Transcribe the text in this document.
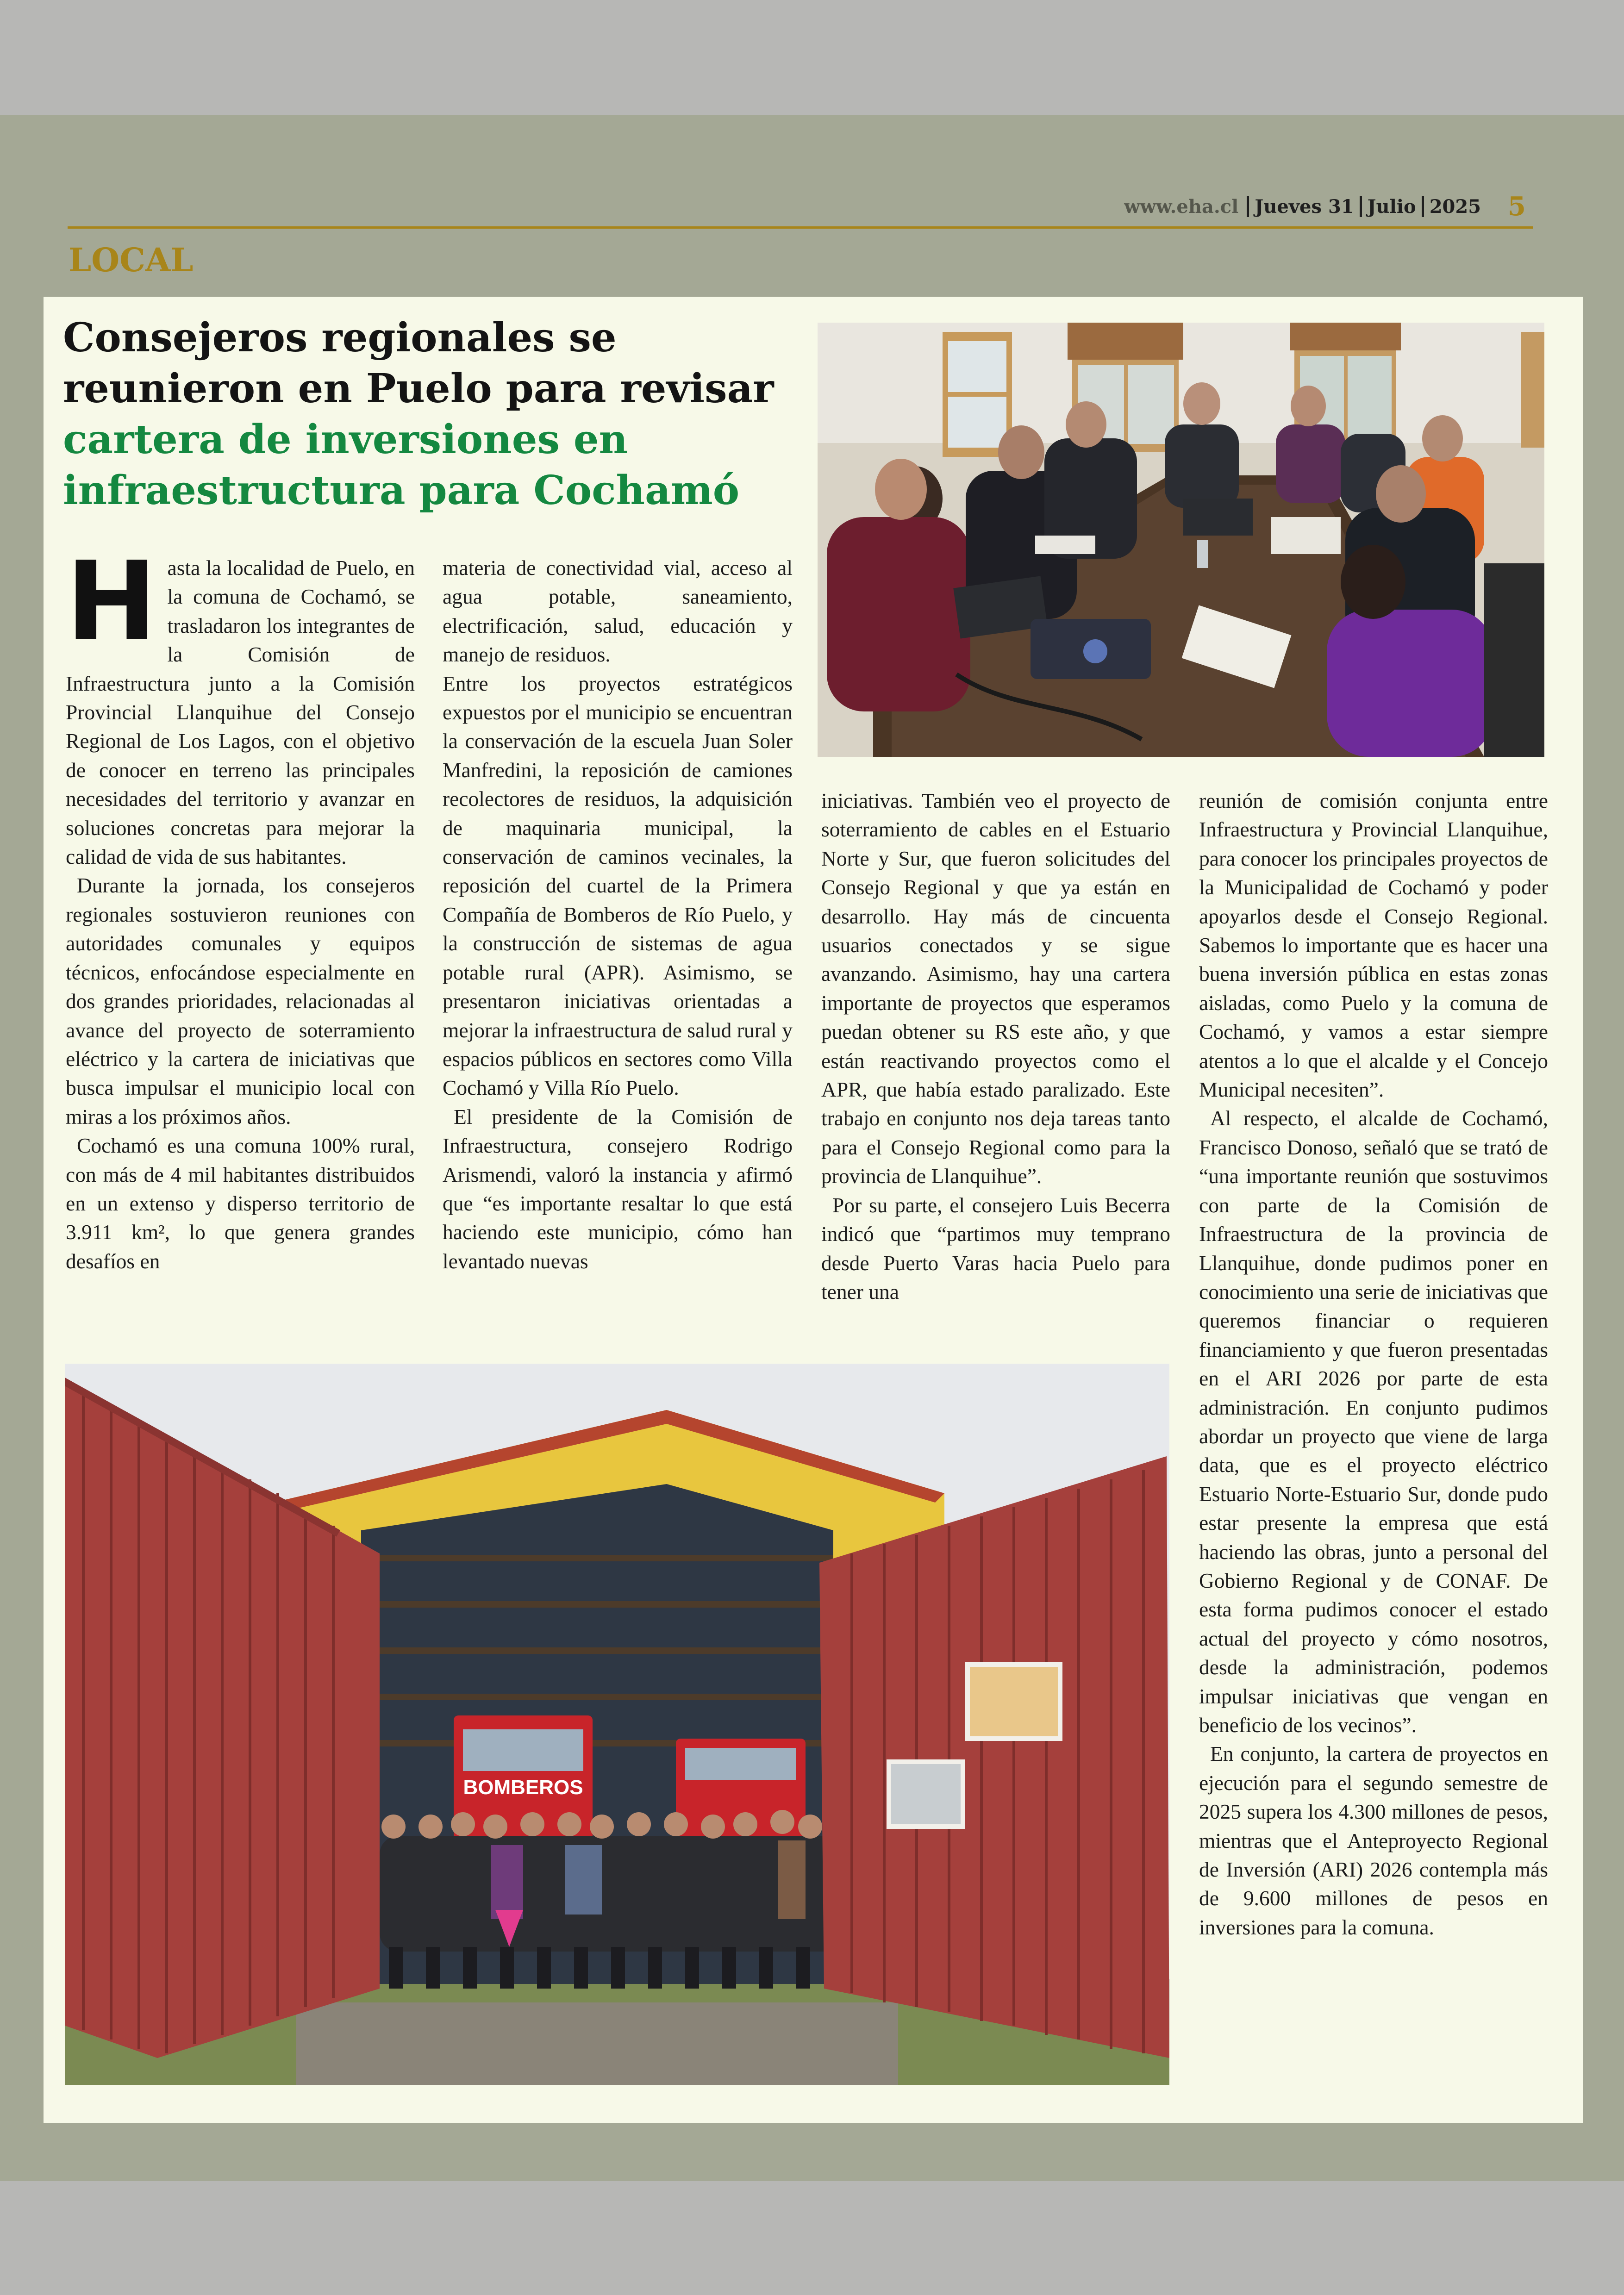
www.eha.cl Jueves 31 Julio 2025 5
LOCAL
Consejeros regionales se reunieron en Puelo para revisar
cartera de inversiones en infraestructura para Cochamó
BOMBEROS

Hasta la localidad de Puelo, en la comuna de Cochamó, se trasladaron los integrantes de la Comisión de Infraestructura junto a la Comisión Provincial Llanquihue del Consejo Regional de Los Lagos, con el objetivo de conocer en terreno las principales necesidades del territorio y avanzar en soluciones concretas para mejorar la calidad de vida de sus habitantes.

Durante la jornada, los consejeros regionales sostuvieron reuniones con autoridades comunales y equipos técnicos, enfocándose especialmente en dos grandes prioridades, relacionadas al avance del proyecto de soterramiento eléctrico y la cartera de iniciativas que busca impulsar el municipio local con miras a los próximos años.

Cochamó es una comuna 100% rural, con más de 4 mil habitantes distribuidos en un extenso y disperso territorio de 3.911 km², lo que genera grandes desafíos en

materia de conectividad vial, acceso al agua potable, saneamiento, electrificación, salud, educación y manejo de residuos.

Entre los proyectos estratégicos expuestos por el municipio se encuentran la conservación de la escuela Juan Soler Manfredini, la reposición de camiones recolectores de residuos, la adquisición de maquinaria municipal, la conservación de caminos vecinales, la reposición del cuartel de la Primera Compañía de Bomberos de Río Puelo, y la construcción de sistemas de agua potable rural (APR). Asimismo, se presentaron iniciativas orientadas a mejorar la infraestructura de salud rural y espacios públicos en sectores como Villa Cochamó y Villa Río Puelo.

El presidente de la Comisión de Infraestructura, consejero Rodrigo Arismendi, valoró la instancia y afirmó que “es importante resaltar lo que está haciendo este municipio, cómo han levantado nuevas

iniciativas. También veo el proyecto de soterramiento de cables en el Estuario Norte y Sur, que fueron solicitudes del Consejo Regional y que ya están en desarrollo. Hay más de cincuenta usuarios conectados y se sigue avanzando. Asimismo, hay una cartera importante de proyectos que esperamos puedan obtener su RS este año, y que están reactivando proyectos como el APR, que había estado paralizado. Este trabajo en conjunto nos deja tareas tanto para el Consejo Regional como para la provincia de Llanquihue”.

Por su parte, el consejero Luis Becerra indicó que “partimos muy temprano desde Puerto Varas hacia Puelo para tener una

reunión de comisión conjunta entre Infraestructura y Provincial Llanquihue, para conocer los principales proyectos de la Municipalidad de Cochamó y poder apoyarlos desde el Consejo Regional. Sabemos lo importante que es hacer una buena inversión pública en estas zonas aisladas, como Puelo y la comuna de Cochamó, y vamos a estar siempre atentos a lo que el alcalde y el Concejo Municipal necesiten”.

Al respecto, el alcalde de Cochamó, Francisco Donoso, señaló que se trató de “una importante reunión que sostuvimos con parte de la Comisión de Infraestructura de la provincia de Llanquihue, donde pudimos poner en conocimiento una serie de iniciativas que queremos financiar o requieren financiamiento y que fueron presentadas en el ARI 2026 por parte de esta administración. En conjunto pudimos abordar un proyecto que viene de larga data, que es el proyecto eléctrico Estuario Norte-Estuario Sur, donde pudo estar presente la empresa que está haciendo las obras, junto a personal del Gobierno Regional y de CONAF. De esta forma pudimos conocer el estado actual del proyecto y cómo nosotros, desde la administración, podemos impulsar iniciativas que vengan en beneficio de los vecinos”.

En conjunto, la cartera de proyectos en ejecución para el segundo semestre de 2025 supera los 4.300 millones de pesos, mientras que el Anteproyecto Regional de Inversión (ARI) 2026 contempla más de 9.600 millones de pesos en inversiones para la comuna.
